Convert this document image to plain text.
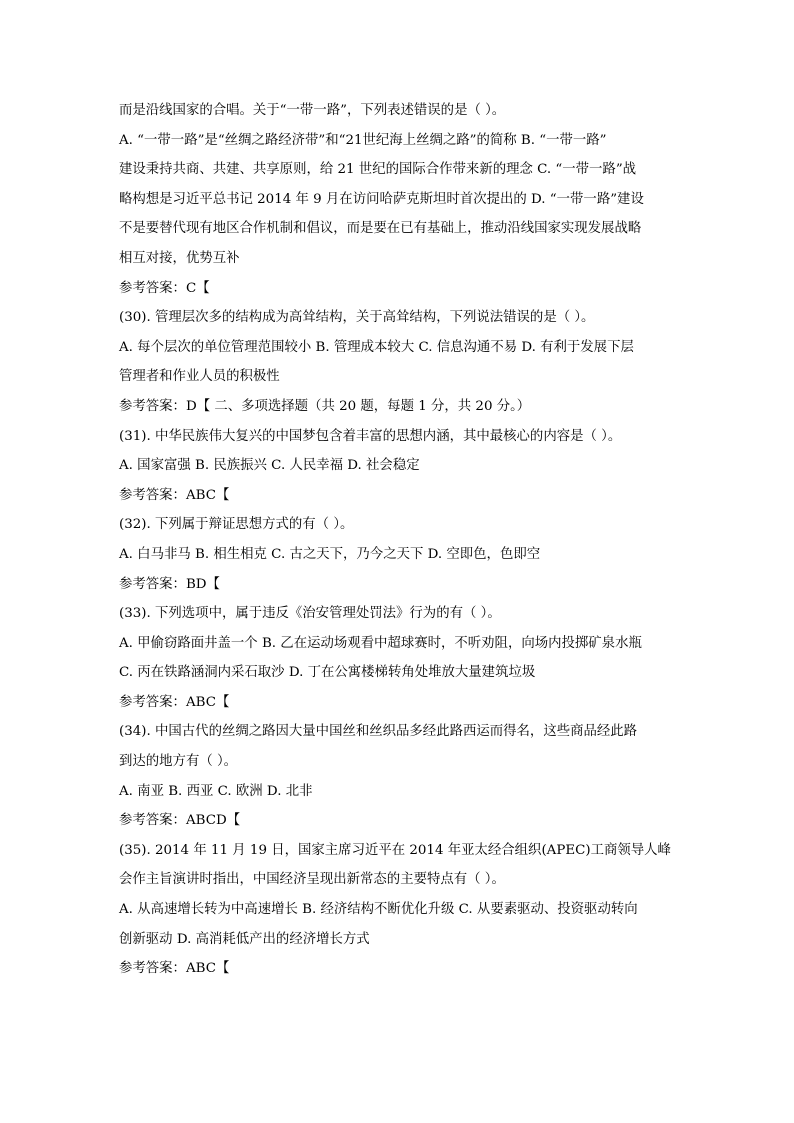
而是沿线国家的合唱。关于“一带一路”，下列表述错误的是（ ）。
A. “一带一路”是“丝绸之路经济带”和“21世纪海上丝绸之路”的简称 B. “一带一路”
建设秉持共商、共建、共享原则，给 21 世纪的国际合作带来新的理念 C. “一带一路”战
略构想是习近平总书记 2014 年 9 月在访问哈萨克斯坦时首次提出的 D. “一带一路”建设
不是要替代现有地区合作机制和倡议，而是要在已有基础上，推动沿线国家实现发展战略
相互对接，优势互补
参考答案：C【
(30). 管理层次多的结构成为高耸结构，关于高耸结构，下列说法错误的是（ ）。
A. 每个层次的单位管理范围较小 B. 管理成本较大 C. 信息沟通不易 D. 有利于发展下层
管理者和作业人员的积极性
参考答案：D【 二、多项选择题（共 20 题，每题 1 分，共 20 分。）
(31). 中华民族伟大复兴的中国梦包含着丰富的思想内涵，其中最核心的内容是（ ）。
A. 国家富强 B. 民族振兴 C. 人民幸福 D. 社会稳定
参考答案：ABC【
(32). 下列属于辩证思想方式的有（ ）。
A. 白马非马 B. 相生相克 C. 古之天下，乃今之天下 D. 空即色，色即空
参考答案：BD【
(33). 下列选项中，属于违反《治安管理处罚法》行为的有（ ）。
A. 甲偷窃路面井盖一个 B. 乙在运动场观看中超球赛时，不听劝阻，向场内投掷矿泉水瓶
C. 丙在铁路涵洞内采石取沙 D. 丁在公寓楼梯转角处堆放大量建筑垃圾
参考答案：ABC【
(34). 中国古代的丝绸之路因大量中国丝和丝织品多经此路西运而得名，这些商品经此路
到达的地方有（ ）。
A. 南亚 B. 西亚 C. 欧洲 D. 北非
参考答案：ABCD【
(35). 2014 年 11 月 19 日，国家主席习近平在 2014 年亚太经合组织(APEC)工商领导人峰
会作主旨演讲时指出，中国经济呈现出新常态的主要特点有（ ）。
A. 从高速增长转为中高速增长 B. 经济结构不断优化升级 C. 从要素驱动、投资驱动转向
创新驱动 D. 高消耗低产出的经济增长方式
参考答案：ABC【
